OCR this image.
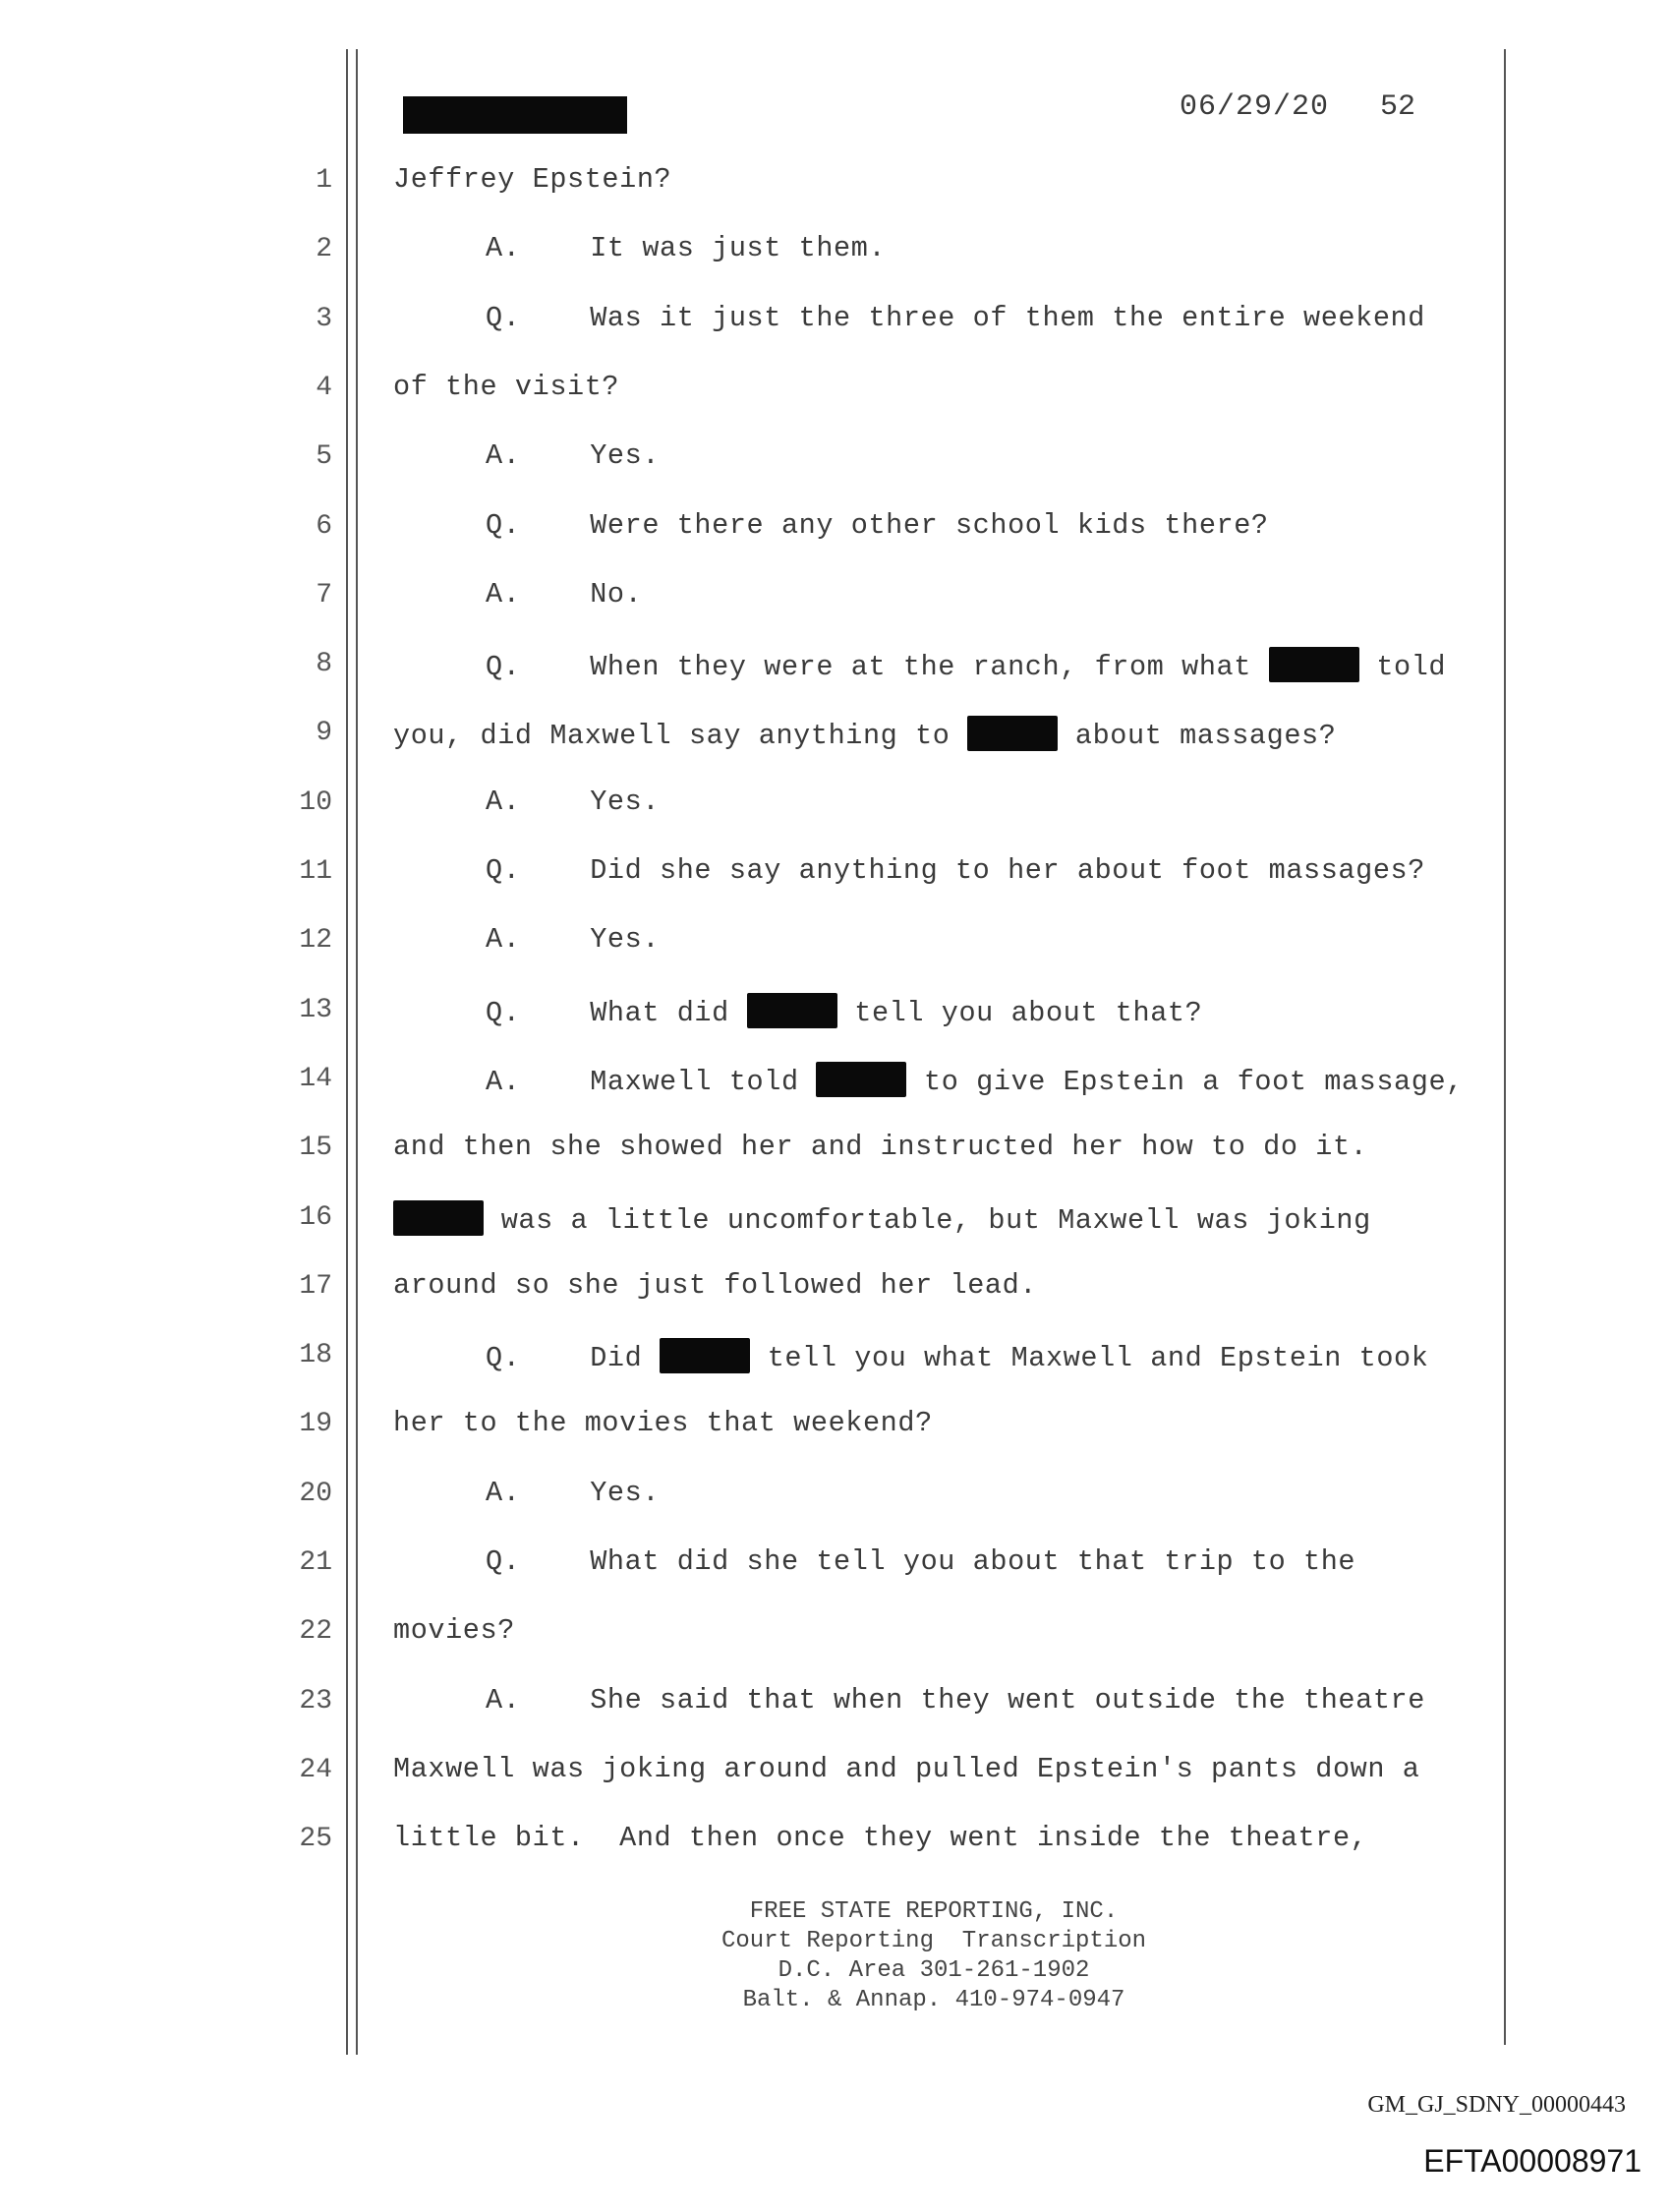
06/29/20 52
1 Jeffrey Epstein?
2	A.    It was just them.
3	Q.    Was it just the three of them the entire weekend
4 of the visit?
5	A.    Yes.
6	Q.    Were there any other school kids there?
7	A.    No.
8	Q.    When they were at the ranch, from what	told
9 you, did Maxwell say anything to	about massages?
10	A.    Yes.
11	Q.    Did she say anything to her about foot massages?
12	A.    Yes.
13	Q.    What did	tell you about that?
14	A.    Maxwell told	to give Epstein a foot massage,
15 and then she showed her and instructed her how to do it.
16	was a little uncomfortable, but Maxwell was joking
17 around so she just followed her lead.
18	Q.    Did	tell you what Maxwell and Epstein took
19 her to the movies that weekend?
20	A.    Yes.
21	Q.    What did she tell you about that trip to the
22 movies?
23	A.    She said that when they went outside the theatre
24 Maxwell was joking around and pulled Epstein's pants down a
25 little bit.  And then once they went inside the theatre,
FREE STATE REPORTING, INC.
Court Reporting  Transcription
D.C. Area 301-261-1902
Balt. & Annap. 410-974-0947
GM_GJ_SDNY_00000443
EFTA00008971
